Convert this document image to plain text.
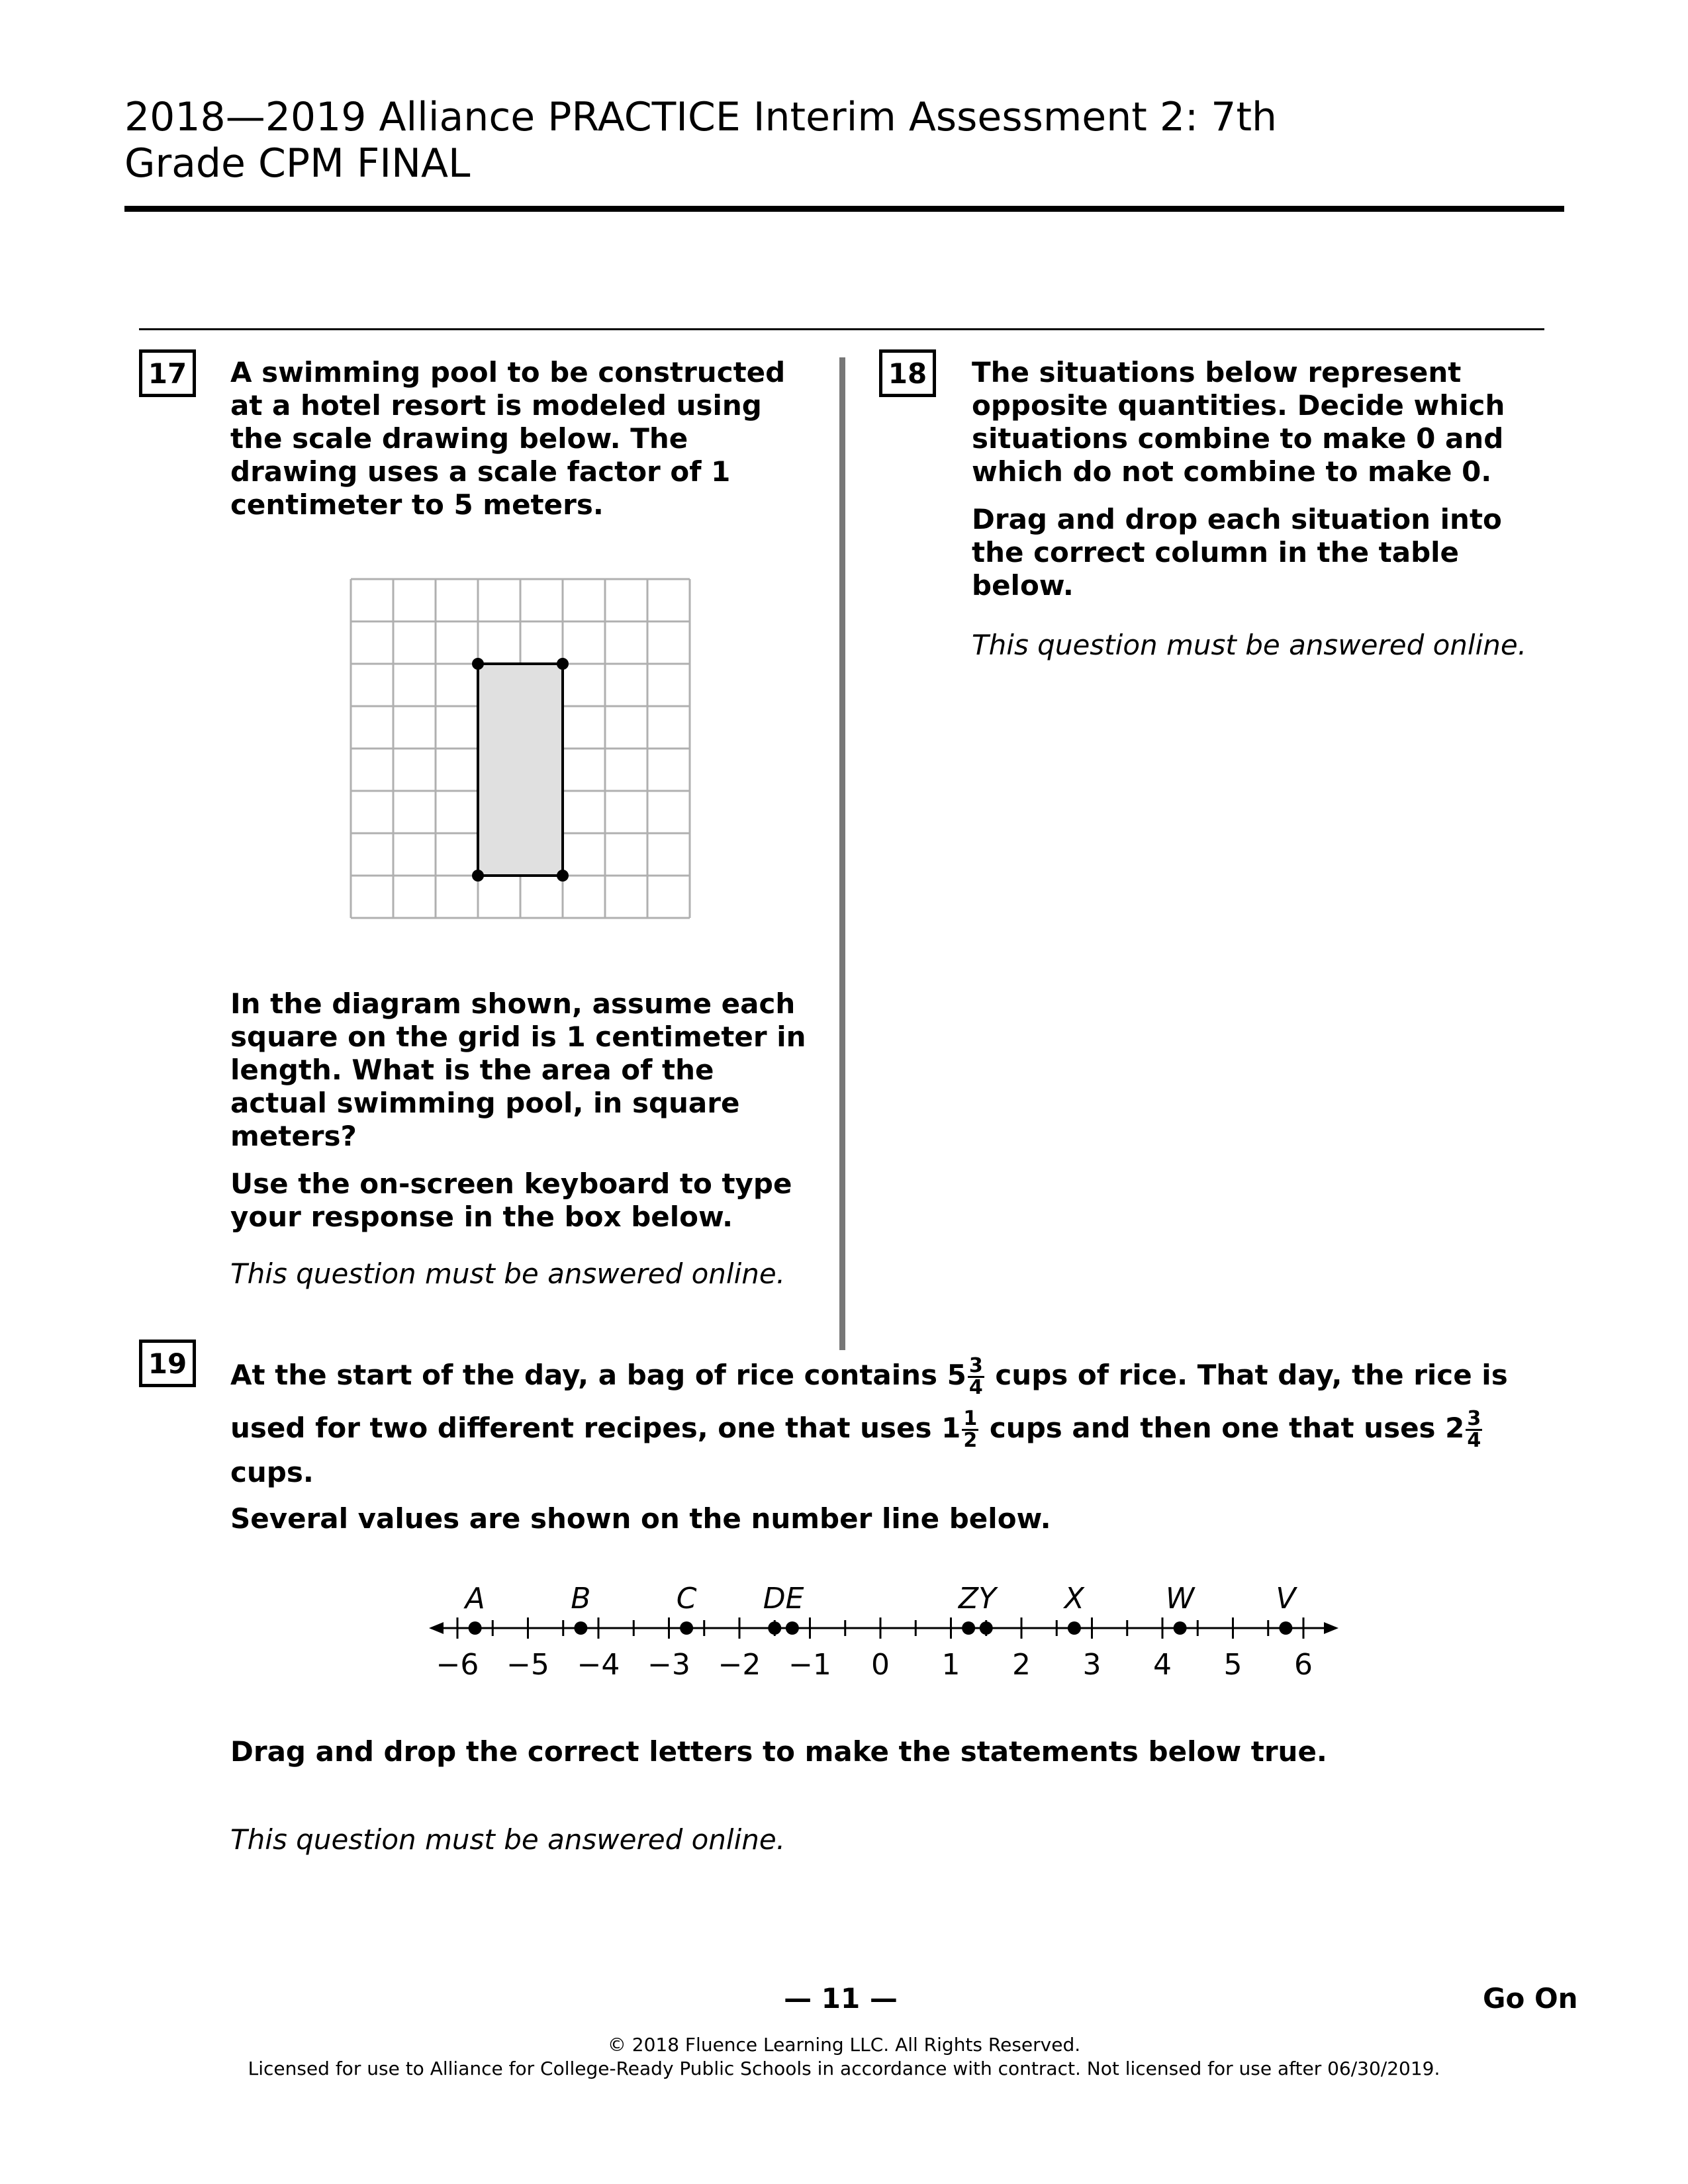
2018—2019 Alliance PRACTICE Interim Assessment 2: 7th
Grade CPM FINAL
17	A swimming pool to be constructed at a hotel resort is modeled using the scale drawing below. The drawing uses a scale factor of 1 centimeter to 5 meters.

In the diagram shown, assume each square on the grid is 1 centimeter in length. What is the area of the actual swimming pool, in square meters?

Use the on-screen keyboard to type your response in the box below.

This question must be answered online.
18	The situations below represent opposite quantities. Decide which situations combine to make 0 and which do not combine to make 0.

Drag and drop each situation into the correct column in the table below.

This question must be answered online.
19	At the start of the day, a bag of rice contains $5 \frac{3}{4}$ cups of rice. That day, the rice is
used for two different recipes, one that uses $1 \frac{1}{2}$ cups and then one that uses $2 \frac{3}{4}$
cups.
Several values are shown on the number line below.
−6 −5 −4 −3 −2 −1 0 1 2 3 4 5 6
A	B	C DE	ZY X	W	V
Drag and drop the correct letters to make the statements below true.
This question must be answered online.
— 11 —	Go On
© 2018 Fluence Learning LLC. All Rights Reserved.
Licensed for use to Alliance for College-Ready Public Schools in accordance with contract. Not licensed for use after 06/30/2019.
